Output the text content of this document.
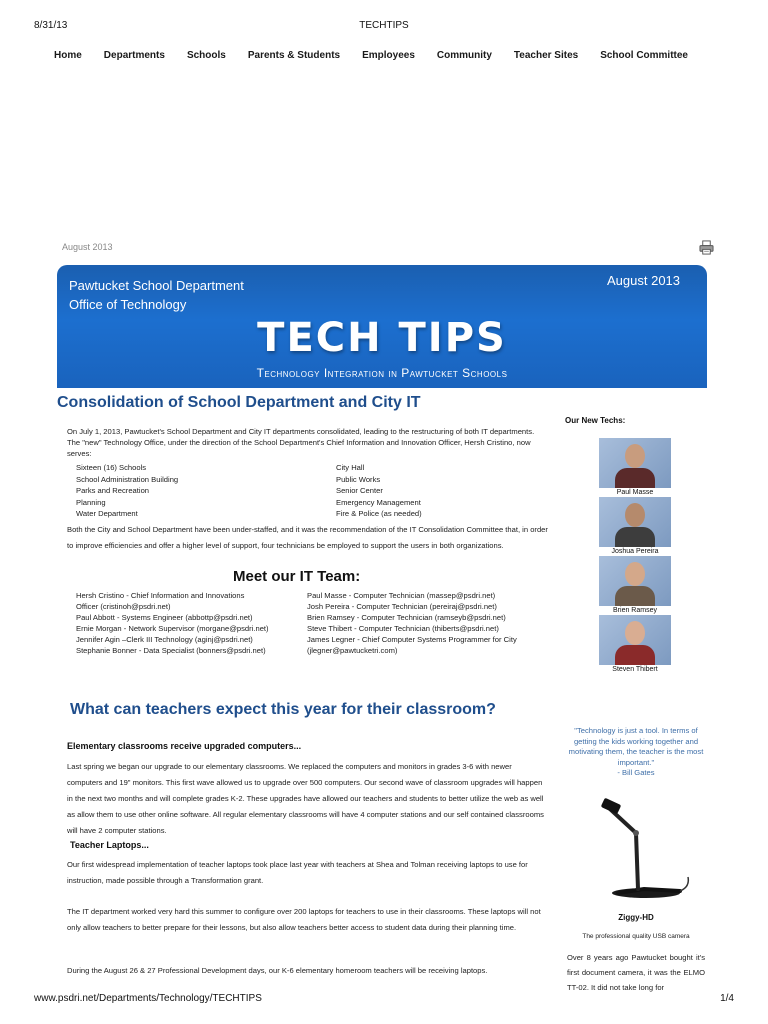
8/31/13	TECHTIPS
Home Departments Schools Parents & Students Employees Community Teacher Sites School Committee
August 2013
Pawtucket School Department
Office of Technology
August 2013
TECH TIPS
Technology Integration in Pawtucket Schools
Consolidation of School Department and City IT
On July 1, 2013, Pawtucket's School Department and City IT departments consolidated, leading to the restructuring of both IT departments. The "new" Technology Office, under the direction of the School Department's Chief Information and Innovation Officer, Hersh Cristino, now serves:
Sixteen (16) Schools
School Administration Building
Parks and Recreation
Planning
Water Department
City Hall
Public Works
Senior Center
Emergency Management
Fire & Police (as needed)
Both the City and School Department have been under-staffed, and it was the recommendation of the IT Consolidation Committee that, in order to improve efficiencies and offer a higher level of support, four technicians be employed to support the users in both organizations.
Meet our IT Team:
Hersh Cristino - Chief Information and Innovations
Officer (cristinoh@psdri.net)
Paul Abbott - Systems Engineer (abbottp@psdri.net)
Ernie Morgan - Network Supervisor (morgane@psdri.net)
Jennifer Agin –Clerk III Technology (aginj@psdri.net)
Stephanie Bonner - Data Specialist (bonners@psdri.net)
Paul Masse - Computer Technician (massep@psdri.net)
Josh Pereira - Computer Technician (pereiraj@psdri.net)
Brien Ramsey - Computer Technician (ramseyb@psdri.net)
Steve Thibert - Computer Technician (thiberts@psdri.net)
James Legner - Chief Computer Systems Programmer for City
(jlegner@pawtucketri.com)
Our New Techs:
Paul Masse
Joshua Pereira
Brien Ramsey
Steven Thibert
What can teachers expect this year for their classroom?
Elementary classrooms receive upgraded computers...
Last spring we began our upgrade to our elementary classrooms. We replaced the computers and monitors in grades 3-6 with newer computers and 19" monitors. This first wave allowed us to upgrade over 500 computers. Our second wave of classroom upgrades will happen in the next two months and will complete grades K-2. These upgrades have allowed our teachers and students to better utilize the web as well as allow them to use other online software. All regular elementary classrooms will have 4 computer stations and our self contained classrooms will have 2 computer stations.
Teacher Laptops...
Our first widespread implementation of teacher laptops took place last year with teachers at Shea and Tolman receiving laptops to use for instruction, made possible through a Transformation grant.
The IT department worked very hard this summer to configure over 200 laptops for teachers to use in their classrooms. These laptops will not only allow teachers to better prepare for their lessons, but also allow teachers better access to student data during their planning time.
During the August 26 & 27 Professional Development days, our K-6 elementary homeroom teachers will be receiving laptops.
"Technology is just a tool. In terms of getting the kids working together and motivating them, the teacher is the most important."
- Bill Gates
Ziggy-HD
The professional quality USB camera
Over 8 years ago Pawtucket bought it's first document camera, it was the ELMO TT-02. It did not take long for
www.psdri.net/Departments/Technology/TECHTIPS	1/4
